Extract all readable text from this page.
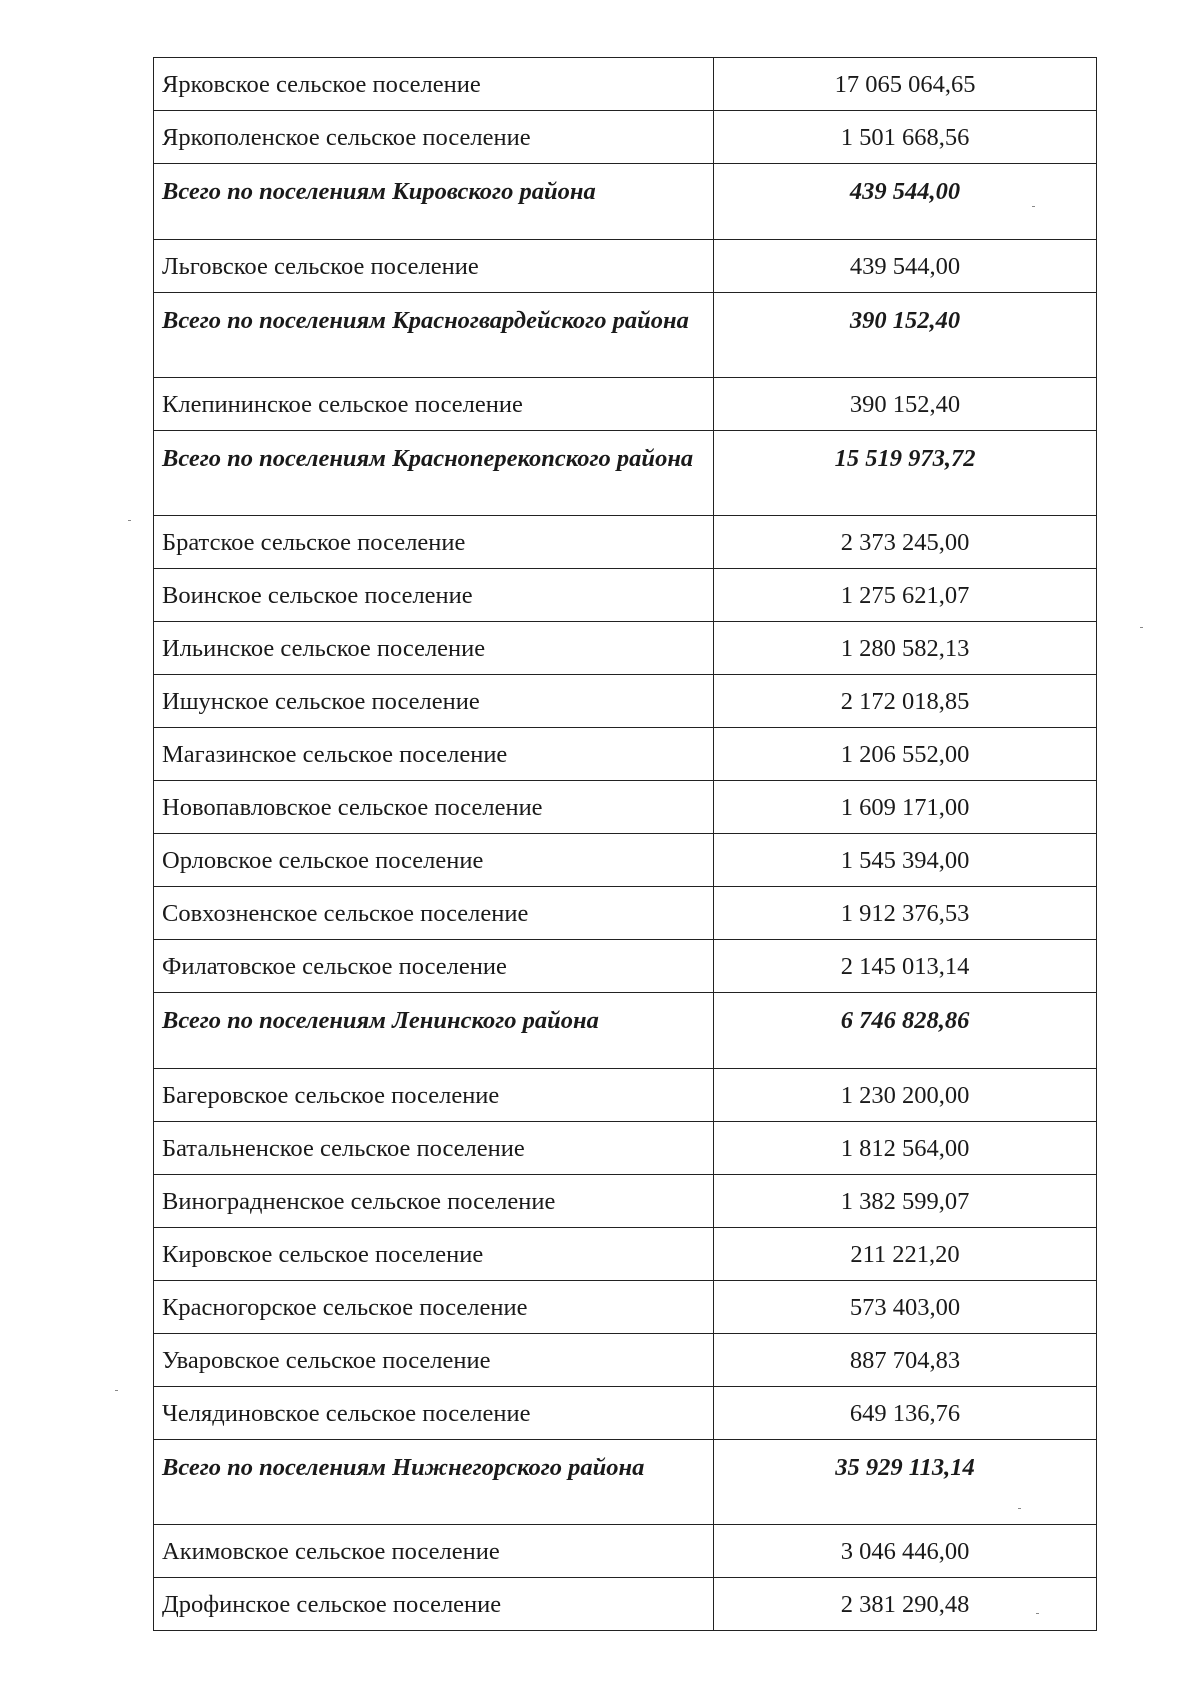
Ярковское сельское поселение	17 065 064,65
Яркополенское сельское поселение	1 501 668,56
Всего по поселениям Кировского района	439 544,00
Льговское сельское поселение	439 544,00
Всего по поселениям Красногвардейского района	390 152,40
Клепининское сельское поселение	390 152,40
Всего по поселениям Красноперекопского района	15 519 973,72
Братское сельское поселение	2 373 245,00
Воинское сельское поселение	1 275 621,07
Ильинское сельское поселение	1 280 582,13
Ишунское сельское поселение	2 172 018,85
Магазинское сельское поселение	1 206 552,00
Новопавловское сельское поселение	1 609 171,00
Орловское сельское поселение	1 545 394,00
Совхозненское сельское поселение	1 912 376,53
Филатовское сельское поселение	2 145 013,14
Всего по поселениям Ленинского района	6 746 828,86
Багеровское сельское поселение	1 230 200,00
Батальненское сельское поселение	1 812 564,00
Виноградненское сельское поселение	1 382 599,07
Кировское сельское поселение	211 221,20
Красногорское сельское поселение	573 403,00
Уваровское сельское поселение	887 704,83
Челядиновское сельское поселение	649 136,76
Всего по поселениям Нижнегорского района	35 929 113,14
Акимовское сельское поселение	3 046 446,00
Дрофинское сельское поселение	2 381 290,48
